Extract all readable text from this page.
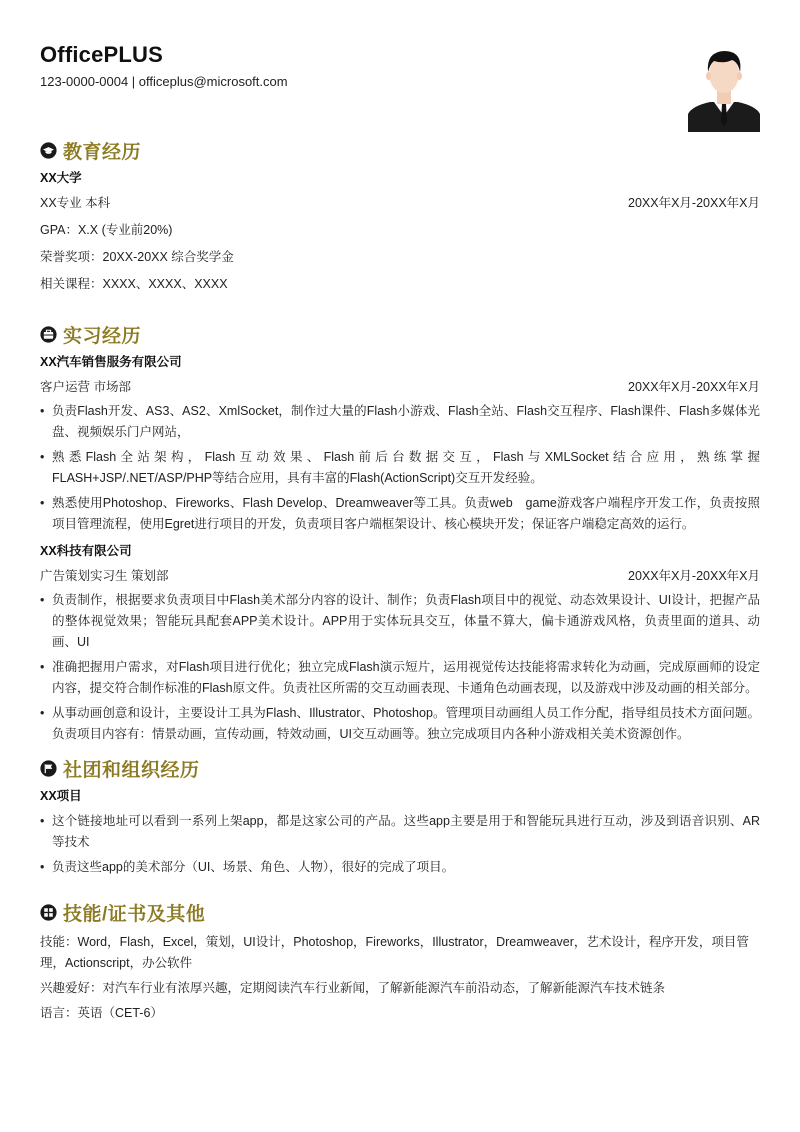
OfficePLUS
123-0000-0004 | officeplus@microsoft.com
教育经历
XX大学
XX专业 本科	20XX年X月-20XX年X月
GPA：X.X (专业前20%)
荣誉奖项：20XX-20XX 综合奖学金
相关课程：XXXX、XXXX、XXXX
实习经历
XX汽车销售服务有限公司
客户运营 市场部	20XX年X月-20XX年X月
• 负责Flash开发、AS3、AS2、XmlSocket，制作过大量的Flash小游戏、Flash全站、Flash交互程序、Flash课件、Flash多媒体光盘、视频娱乐门户网站，
• 熟悉Flash全站架构，Flash互动效果、Flash前后台数据交互，Flash与XMLSocket结合应用，熟练掌握FLASH+JSP/.NET/ASP/PHP等结合应用，具有丰富的Flash(ActionScript)交互开发经验。
• 熟悉使用Photoshop、Fireworks、Flash Develop、Dreamweaver等工具。负责web　game游戏客户端程序开发工作，负责按照项目管理流程，使用Egret进行项目的开发，负责项目客户端框架设计、核心模块开发；保证客户端稳定高效的运行。
XX科技有限公司
广告策划实习生 策划部	20XX年X月-20XX年X月
• 负责制作，根据要求负责项目中Flash美术部分内容的设计、制作；负责Flash项目中的视觉、动态效果设计、UI设计，把握产品的整体视觉效果；智能玩具配套APP美术设计。APP用于实体玩具交互，体量不算大，偏卡通游戏风格，负责里面的道具、动画、UI
• 准确把握用户需求，对Flash项目进行优化；独立完成Flash演示短片，运用视觉传达技能将需求转化为动画，完成原画师的设定内容，提交符合制作标准的Flash原文件。负责社区所需的交互动画表现、卡通角色动画表现，以及游戏中涉及动画的相关部分。
• 从事动画创意和设计，主要设计工具为Flash、Illustrator、Photoshop。管理项目动画组人员工作分配，指导组员技术方面问题。负责项目内容有：情景动画，宣传动画，特效动画，UI交互动画等。独立完成项目内各种小游戏相关美术资源创作。
社团和组织经历
XX项目
• 这个链接地址可以看到一系列上架app，都是这家公司的产品。这些app主要是用于和智能玩具进行互动，涉及到语音识别、AR等技术
• 负责这些app的美术部分（UI、场景、角色、人物），很好的完成了项目。
技能/证书及其他
技能：Word，Flash，Excel，策划，UI设计，Photoshop，Fireworks，Illustrator，Dreamweaver，艺术设计，程序开发，项目管理，Actionscript，办公软件
兴趣爱好：对汽车行业有浓厚兴趣，定期阅读汽车行业新闻，了解新能源汽车前沿动态，了解新能源汽车技术链条
语言：英语（CET-6）
